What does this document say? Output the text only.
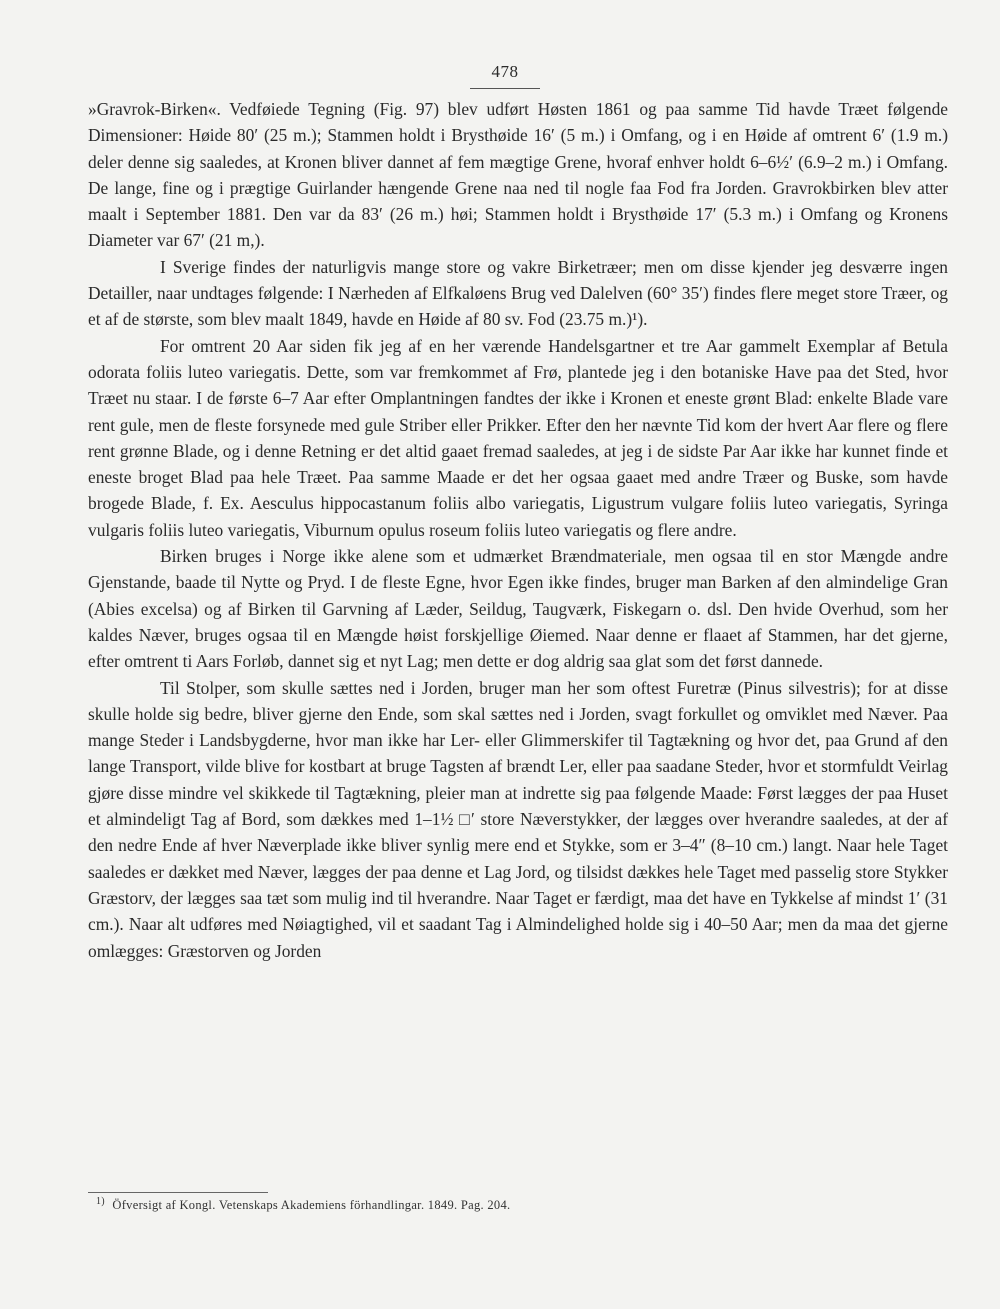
478

»Gravrok-Birken«. Vedføiede Tegning (Fig. 97) blev udført Høsten 1861 og paa samme Tid havde Træet følgende Dimensioner: Høide 80′ (25 m.); Stammen holdt i Brysthøide 16′ (5 m.) i Omfang, og i en Høide af omtrent 6′ (1.9 m.) deler denne sig saaledes, at Kronen bliver dannet af fem mægtige Grene, hvoraf enhver holdt 6–6½′ (6.9–2 m.) i Omfang. De lange, fine og i prægtige Guirlander hængende Grene naa ned til nogle faa Fod fra Jorden. Gravrokbirken blev atter maalt i September 1881. Den var da 83′ (26 m.) høi; Stammen holdt i Brysthøide 17′ (5.3 m.) i Omfang og Kronens Diameter var 67′ (21 m,).

I Sverige findes der naturligvis mange store og vakre Birketræer; men om disse kjender jeg desværre ingen Detailler, naar undtages følgende: I Nærheden af Elfkaløens Brug ved Dalelven (60° 35′) findes flere meget store Træer, og et af de største, som blev maalt 1849, havde en Høide af 80 sv. Fod (23.75 m.)¹).

For omtrent 20 Aar siden fik jeg af en her værende Handelsgartner et tre Aar gammelt Exemplar af Betula odorata foliis luteo variegatis. Dette, som var fremkommet af Frø, plantede jeg i den botaniske Have paa det Sted, hvor Træet nu staar. I de første 6–7 Aar efter Omplantningen fandtes der ikke i Kronen et eneste grønt Blad: enkelte Blade vare rent gule, men de fleste forsynede med gule Striber eller Prikker. Efter den her nævnte Tid kom der hvert Aar flere og flere rent grønne Blade, og i denne Retning er det altid gaaet fremad saaledes, at jeg i de sidste Par Aar ikke har kunnet finde et eneste broget Blad paa hele Træet. Paa samme Maade er det her ogsaa gaaet med andre Træer og Buske, som havde brogede Blade, f. Ex. Aesculus hippocastanum foliis albo variegatis, Ligustrum vulgare foliis luteo variegatis, Syringa vulgaris foliis luteo variegatis, Viburnum opulus roseum foliis luteo variegatis og flere andre.

Birken bruges i Norge ikke alene som et udmærket Brændmateriale, men ogsaa til en stor Mængde andre Gjenstande, baade til Nytte og Pryd. I de fleste Egne, hvor Egen ikke findes, bruger man Barken af den almindelige Gran (Abies excelsa) og af Birken til Garvning af Læder, Seildug, Taugværk, Fiskegarn o. dsl. Den hvide Overhud, som her kaldes Næver, bruges ogsaa til en Mængde høist forskjellige Øiemed. Naar denne er flaaet af Stammen, har det gjerne, efter omtrent ti Aars Forløb, dannet sig et nyt Lag; men dette er dog aldrig saa glat som det først dannede.

Til Stolper, som skulle sættes ned i Jorden, bruger man her som oftest Furetræ (Pinus silvestris); for at disse skulle holde sig bedre, bliver gjerne den Ende, som skal sættes ned i Jorden, svagt forkullet og omviklet med Næver. Paa mange Steder i Landsbygderne, hvor man ikke har Ler- eller Glimmerskifer til Tagtækning og hvor det, paa Grund af den lange Transport, vilde blive for kostbart at bruge Tagsten af brændt Ler, eller paa saadane Steder, hvor et stormfuldt Veirlag gjøre disse mindre vel skikkede til Tagtækning, pleier man at indrette sig paa følgende Maade: Først lægges der paa Huset et almindeligt Tag af Bord, som dækkes med 1–1½ □′ store Næverstykker, der lægges over hverandre saaledes, at der af den nedre Ende af hver Næverplade ikke bliver synlig mere end et Stykke, som er 3–4″ (8–10 cm.) langt. Naar hele Taget saaledes er dækket med Næver, lægges der paa denne et Lag Jord, og tilsidst dækkes hele Taget med passelig store Stykker Græstorv, der lægges saa tæt som mulig ind til hverandre. Naar Taget er færdigt, maa det have en Tykkelse af mindst 1′ (31 cm.). Naar alt udføres med Nøiagtighed, vil et saadant Tag i Almindelighed holde sig i 40–50 Aar; men da maa det gjerne omlægges: Græstorven og Jorden

$^{1)}$ Öfversigt af Kongl. Vetenskaps Akademiens förhandlingar. 1849. Pag. 204.
